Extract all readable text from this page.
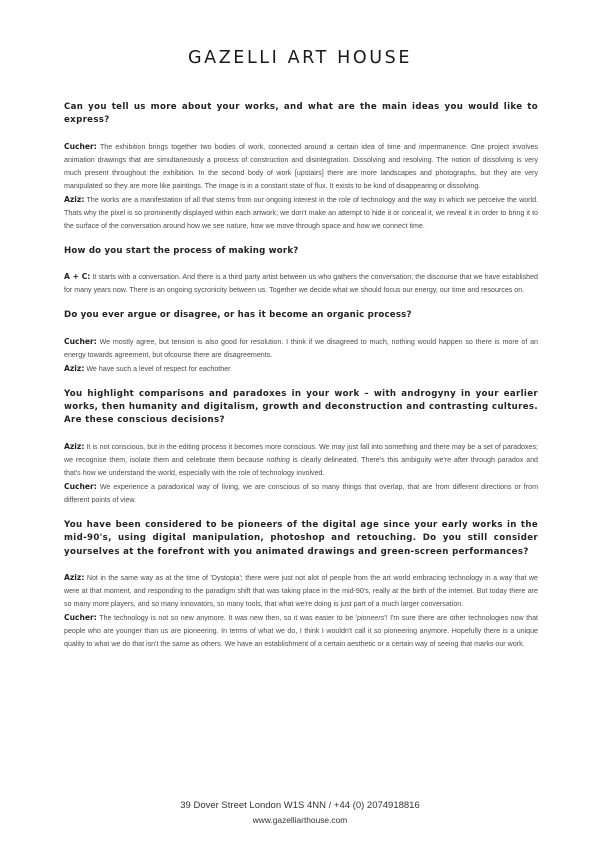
GAZELLI ART HOUSE

Can you tell us more about your works, and what are the main ideas you would like to express?

Cucher: The exhibition brings together two bodies of work, connected around a certain idea of time and impermanence. One project involves animation drawings that are simultaneously a process of construction and disintegration. Dissolving and resolving. The notion of dissolving is very much present throughout the exhibition. In the second body of work [upstairs] there are more landscapes and photographs, but they are very manipulated so they are more like paintings. The image is in a constant state of flux. It exists to be kind of disappearing or dissolving.

Aziz: The works are a manifestation of all that stems from our ongoing interest in the role of technology and the way in which we perceive the world. Thats why the pixel is so prominently displayed within each artwork; we don't make an attempt to hide it or conceal it, we reveal it in order to bring it to the surface of the conversation around how we see nature, how we move through space and how we connect time.

How do you start the process of making work?

A + C: It starts with a conversation. And there is a third party artist between us who gathers the conversation; the discourse that we have established for many years now. There is an ongoing sycronicity between us. Together we decide what we should focus our energy, our time and resources on.

Do you ever argue or disagree, or has it become an organic process?

Cucher: We mostly agree, but tension is also good for resolution. I think if we disagreed to much, nothing would happen so there is more of an energy towards agreement, but ofcourse there are disagreements.

Aziz: We have such a level of respect for eachother

You highlight comparisons and paradoxes in your work – with androgyny in your earlier works, then humanity and digitalism, growth and deconstruction and contrasting cultures. Are these conscious decisions?

Aziz: It is not conscious, but in the editing process it becomes more conscious. We may just fall into something and there may be a set of paradoxes; we recognise them, isolate them and celebrate them because nothing is clearly delineated. There's this ambiguity we're after through paradox and that's how we understand the world, especially with the role of technology involved.

Cucher: We experience a paradoxical way of living, we are conscious of so many things that overlap, that are from different directions or from different points of view.

You have been considered to be pioneers of the digital age since your early works in the mid-90's, using digital manipulation, photoshop and retouching. Do you still consider yourselves at the forefront with you animated drawings and green-screen performances?

Aziz: Not in the same way as at the time of 'Dystopia'; there were just not alot of people from the art world embracing technology in a way that we were at that moment, and responding to the paradigm shift that was taking place in the mid-90's, really at the birth of the internet. But today there are so many more players, and so many innovators, so many tools, that what we're doing is just part of a much larger conversation.

Cucher: The technology is not so new anymore. It was new then, so it was easier to be 'pioneers'! I'm sure there are other technologies now that people who are younger than us are pioneering. In terms of what we do, I think I wouldn't call it so pioneering anymore. Hopefully there is a unique quality to what we do that isn't the same as others. We have an establishment of a certain aesthetic or a certain way of seeing that marks our work.

39 Dover Street London W1S 4NN / +44 (0) 2074918816
www.gazelliarthouse.com
